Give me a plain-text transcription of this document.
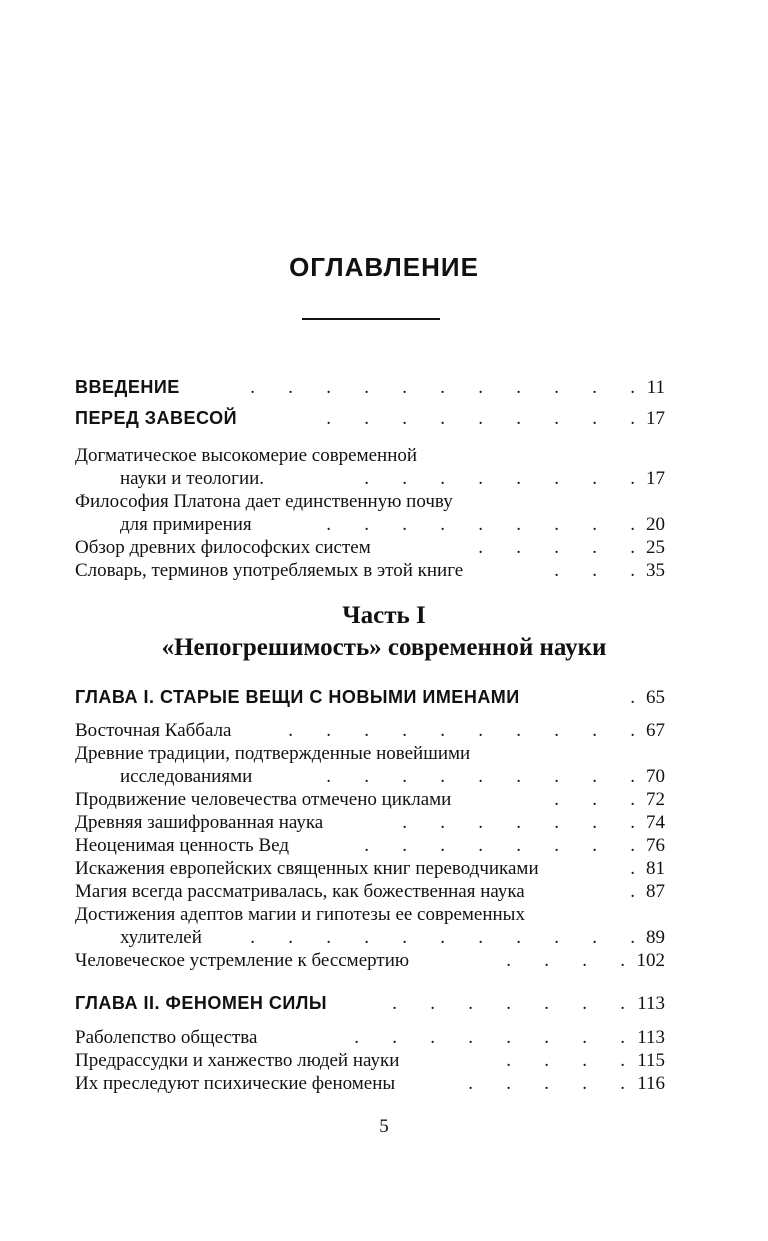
ОГЛАВЛЕНИЕ
ВВЕДЕНИЕ	.       .       .       .       .       .       .       .       .       .       . 11
ПЕРЕД ЗАВЕСОЙ	.       .       .       .       .       .       .       .       . 17
Догматическое высокомерие современной
науки и теологии.	.       .       .       .       .       .       .       . 17
Философия Платона дает единственную почву
для примирения	.       .       .       .       .       .       .       .       . 20
Обзор древних философских систем	.       .       .       .       . 25
Словарь, терминов употребляемых в этой книге	.       .       . 35
Часть I
«Непогрешимость» современной науки
ГЛАВА I. СТАРЫЕ ВЕЩИ С НОВЫМИ ИМЕНАМИ	. 65
Восточная Каббала	.       .       .       .       .       .       .       .       .       . 67
Древние традиции, подтвержденные новейшими
исследованиями	.       .       .       .       .       .       .       .       . 70
Продвижение человечества отмечено циклами	.       .       . 72
Древняя зашифрованная наука	.       .       .       .       .       .       . 74
Неоценимая ценность Вед	.       .       .       .       .       .       .       . 76
Искажения европейских священных книг переводчиками	. 81
Магия всегда рассматривалась, как божественная наука	. 87
Достижения адептов магии и гипотезы ее современных
хулителей	.       .       .       .       .       .       .       .       .       .       . 89
Человеческое устремление к бессмертию	.       .       .       . 102
ГЛАВА II. ФЕНОМЕН СИЛЫ	.       .       .       .       .       .       . 113
Раболепство общества	.       .       .       .       .       .       .       . 113
Предрассудки и ханжество людей науки	.       .       .       . 115
Их преследуют психические феномены	.       .       .       .       . 116
5
